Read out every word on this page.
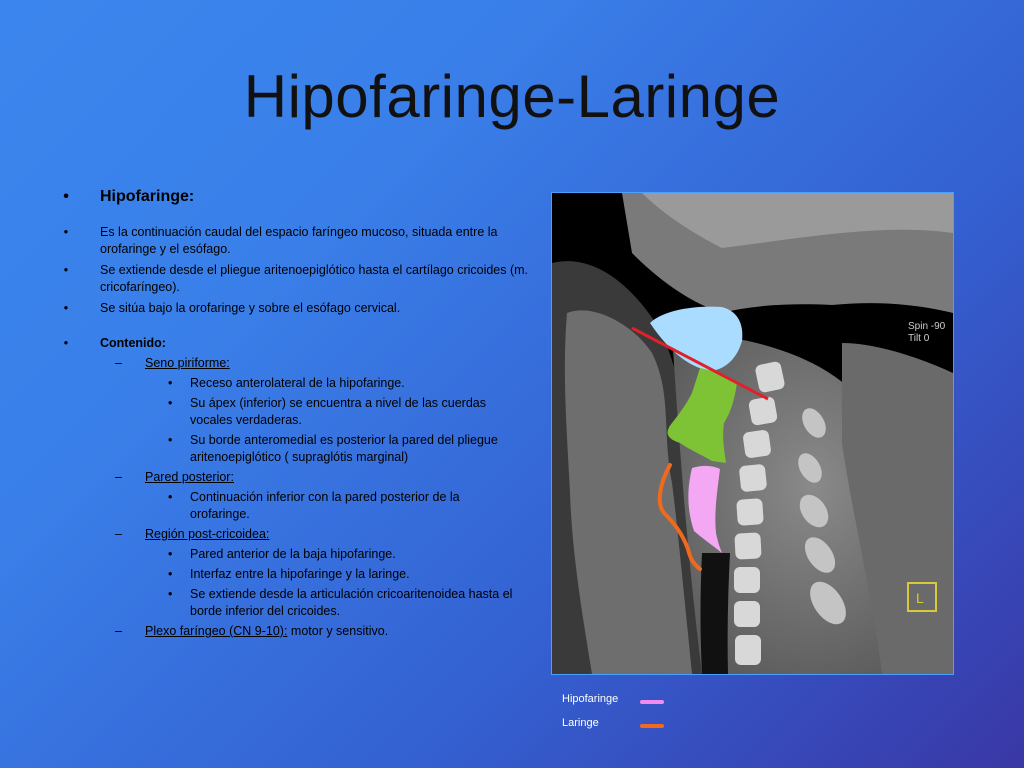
Hipofaringe-Laringe
• Hipofaringe:
•	Es la continuación caudal del espacio faríngeo mucoso, situada entre la orofaringe y el esófago.
•	Se extiende desde el pliegue aritenoepiglótico hasta el cartílago cricoides (m. cricofaríngeo).
•	Se sitúa bajo la orofaringe y sobre el esófago cervical.
•	Contenido:
– Seno piriforme:
• Receso anterolateral de la hipofaringe.
• Su ápex (inferior) se encuentra a nivel de las cuerdas vocales verdaderas.
• Su borde anteromedial es posterior la pared del pliegue aritenoepiglótico ( supraglótis marginal)
– Pared posterior:
• Continuación inferior con la pared posterior de la orofaringe.
– Región post-cricoidea:
• Pared anterior de la baja hipofaringe.
• Interfaz entre la hipofaringe y la laringe.
• Se extiende desde la articulación cricoaritenoidea hasta el borde inferior del cricoides.
– Plexo faríngeo (CN 9-10): motor y sensitivo.
Spin -90
Tilt 0
L
Hipofaringe
Laringe
